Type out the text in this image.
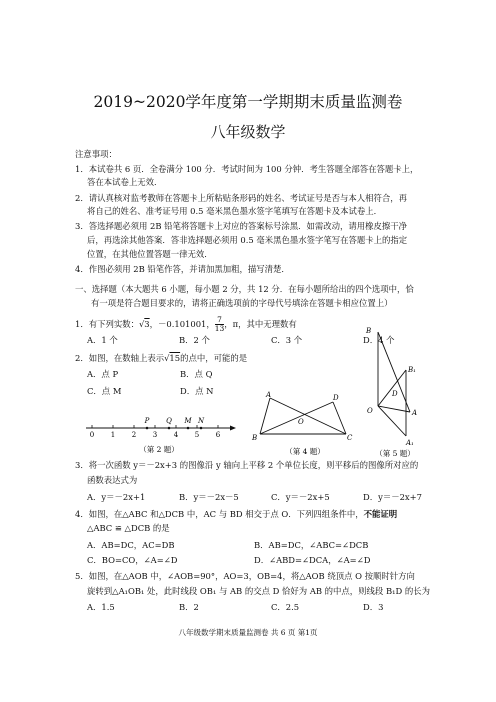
2019~2020学年度第一学期期末质量监测卷
八年级数学
注意事项：
1．本试卷共 6 页．全卷满分 100 分．考试时间为 100 分钟．考生答题全部答在答题卡上，
答在本试卷上无效．
2．请认真核对监考教师在答题卡上所粘贴条形码的姓名、考试证号是否与本人相符合，再
将自己的姓名、准考证号用 0.5 毫米黑色墨水签字笔填写在答题卡及本试卷上．
3．答选择题必须用 2B 铅笔将答题卡上对应的答案标号涂黑．如需改动，请用橡皮擦干净
后，再选涂其他答案．答非选择题必须用 0.5 毫米黑色墨水签字笔写在答题卡上的指定
位置，在其他位置答题一律无效．
4．作图必须用 2B 铅笔作答，并请加黑加粗，描写清楚．
一、选择题（本大题共 6 小题，每小题 2 分，共 12 分．在每小题所给出的四个选项中，恰
有一项是符合题目要求的，请将正确选项前的字母代号填涂在答题卡相应位置上）
1．有下列实数：√3，－0.101001， $\frac{7}{13}$ ，π，其中无理数有
A．1 个	B．2 个	C．3 个	D．4 个
2．如图，在数轴上表示√15的点中，可能的是
A．点 P	B．点 Q
C．点 M	D．点 N
0 1 2 3 4 5 6
P Q M N
（第 2 题）
A	D
O
B	C
（第 4 题）
B
B₁
D
O	A
A₁
（第 5 题）
3．将一次函数 y＝－2x+3 的图像沿 y 轴向上平移 2 个单位长度，则平移后的图像所对应的
函数表达式为
A．y＝－2x+1	B．y＝－2x－5	C．y＝－2x+5	D．y＝－2x+7
4．如图，在△ABC 和△DCB 中，AC 与 BD 相交于点 O．下列四组条件中，不能证明
△ABC ≌ △DCB 的是
A．AB=DC，AC=DB	B．AB=DC，∠ABC=∠DCB
C．BO=CO，∠A=∠D	D．∠ABD=∠DCA，∠A=∠D
5．如图，在△AOB 中，∠AOB=90°，AO=3，OB=4，将△AOB 绕顶点 O 按顺时针方向
旋转到△A₁OB₁ 处，此时线段 OB₁ 与 AB 的交点 D 恰好为 AB 的中点，则线段 B₁D 的长为
A．1.5	B．2	C．2.5	D．3
八年级数学期末质量监测卷 共 6 页 第1页
